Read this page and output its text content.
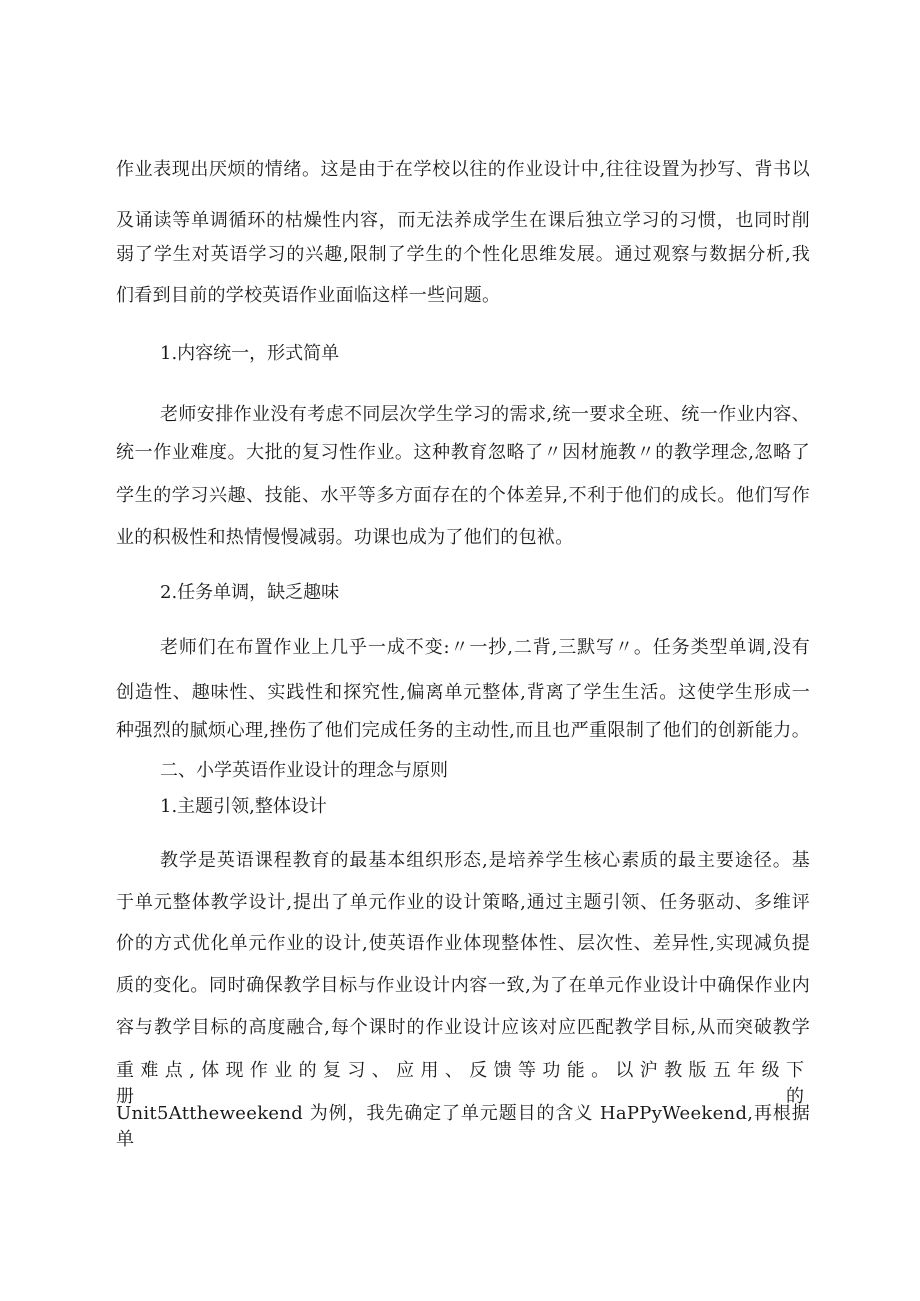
作业表现出厌烦的情绪。这是由于在学校以往的作业设计中,往往设置为抄写、背书以
及诵读等单调循环的枯燥性内容，而无法养成学生在课后独立学习的习惯，也同时削
弱了学生对英语学习的兴趣,限制了学生的个性化思维发展。通过观察与数据分析,我
们看到目前的学校英语作业面临这样一些问题。
1.内容统一，形式简单
老师安排作业没有考虑不同层次学生学习的需求,统一要求全班、统一作业内容、
统一作业难度。大批的复习性作业。这种教育忽略了〃因材施教〃的教学理念,忽略了
学生的学习兴趣、技能、水平等多方面存在的个体差异,不利于他们的成长。他们写作
业的积极性和热情慢慢减弱。功课也成为了他们的包袱。
2.任务单调，缺乏趣味
老师们在布置作业上几乎一成不变:〃一抄,二背,三默写〃。任务类型单调,没有
创造性、趣味性、实践性和探究性,偏离单元整体,背离了学生生活。这使学生形成一
种强烈的腻烦心理,挫伤了他们完成任务的主动性,而且也严重限制了他们的创新能力。
二、小学英语作业设计的理念与原则
1.主题引领,整体设计
教学是英语课程教育的最基本组织形态,是培养学生核心素质的最主要途径。基
于单元整体教学设计,提出了单元作业的设计策略,通过主题引领、任务驱动、多维评
价的方式优化单元作业的设计,使英语作业体现整体性、层次性、差异性,实现减负提
质的变化。同时确保教学目标与作业设计内容一致,为了在单元作业设计中确保作业内
容与教学目标的高度融合,每个课时的作业设计应该对应匹配教学目标,从而突破教学
重难点,体现作业的复习、应用、反馈等功能。以沪教版五年级下册的
Unit5Attheweekend 为例，我先确定了单元题目的含义 HaPPyWeekend,再根据单
